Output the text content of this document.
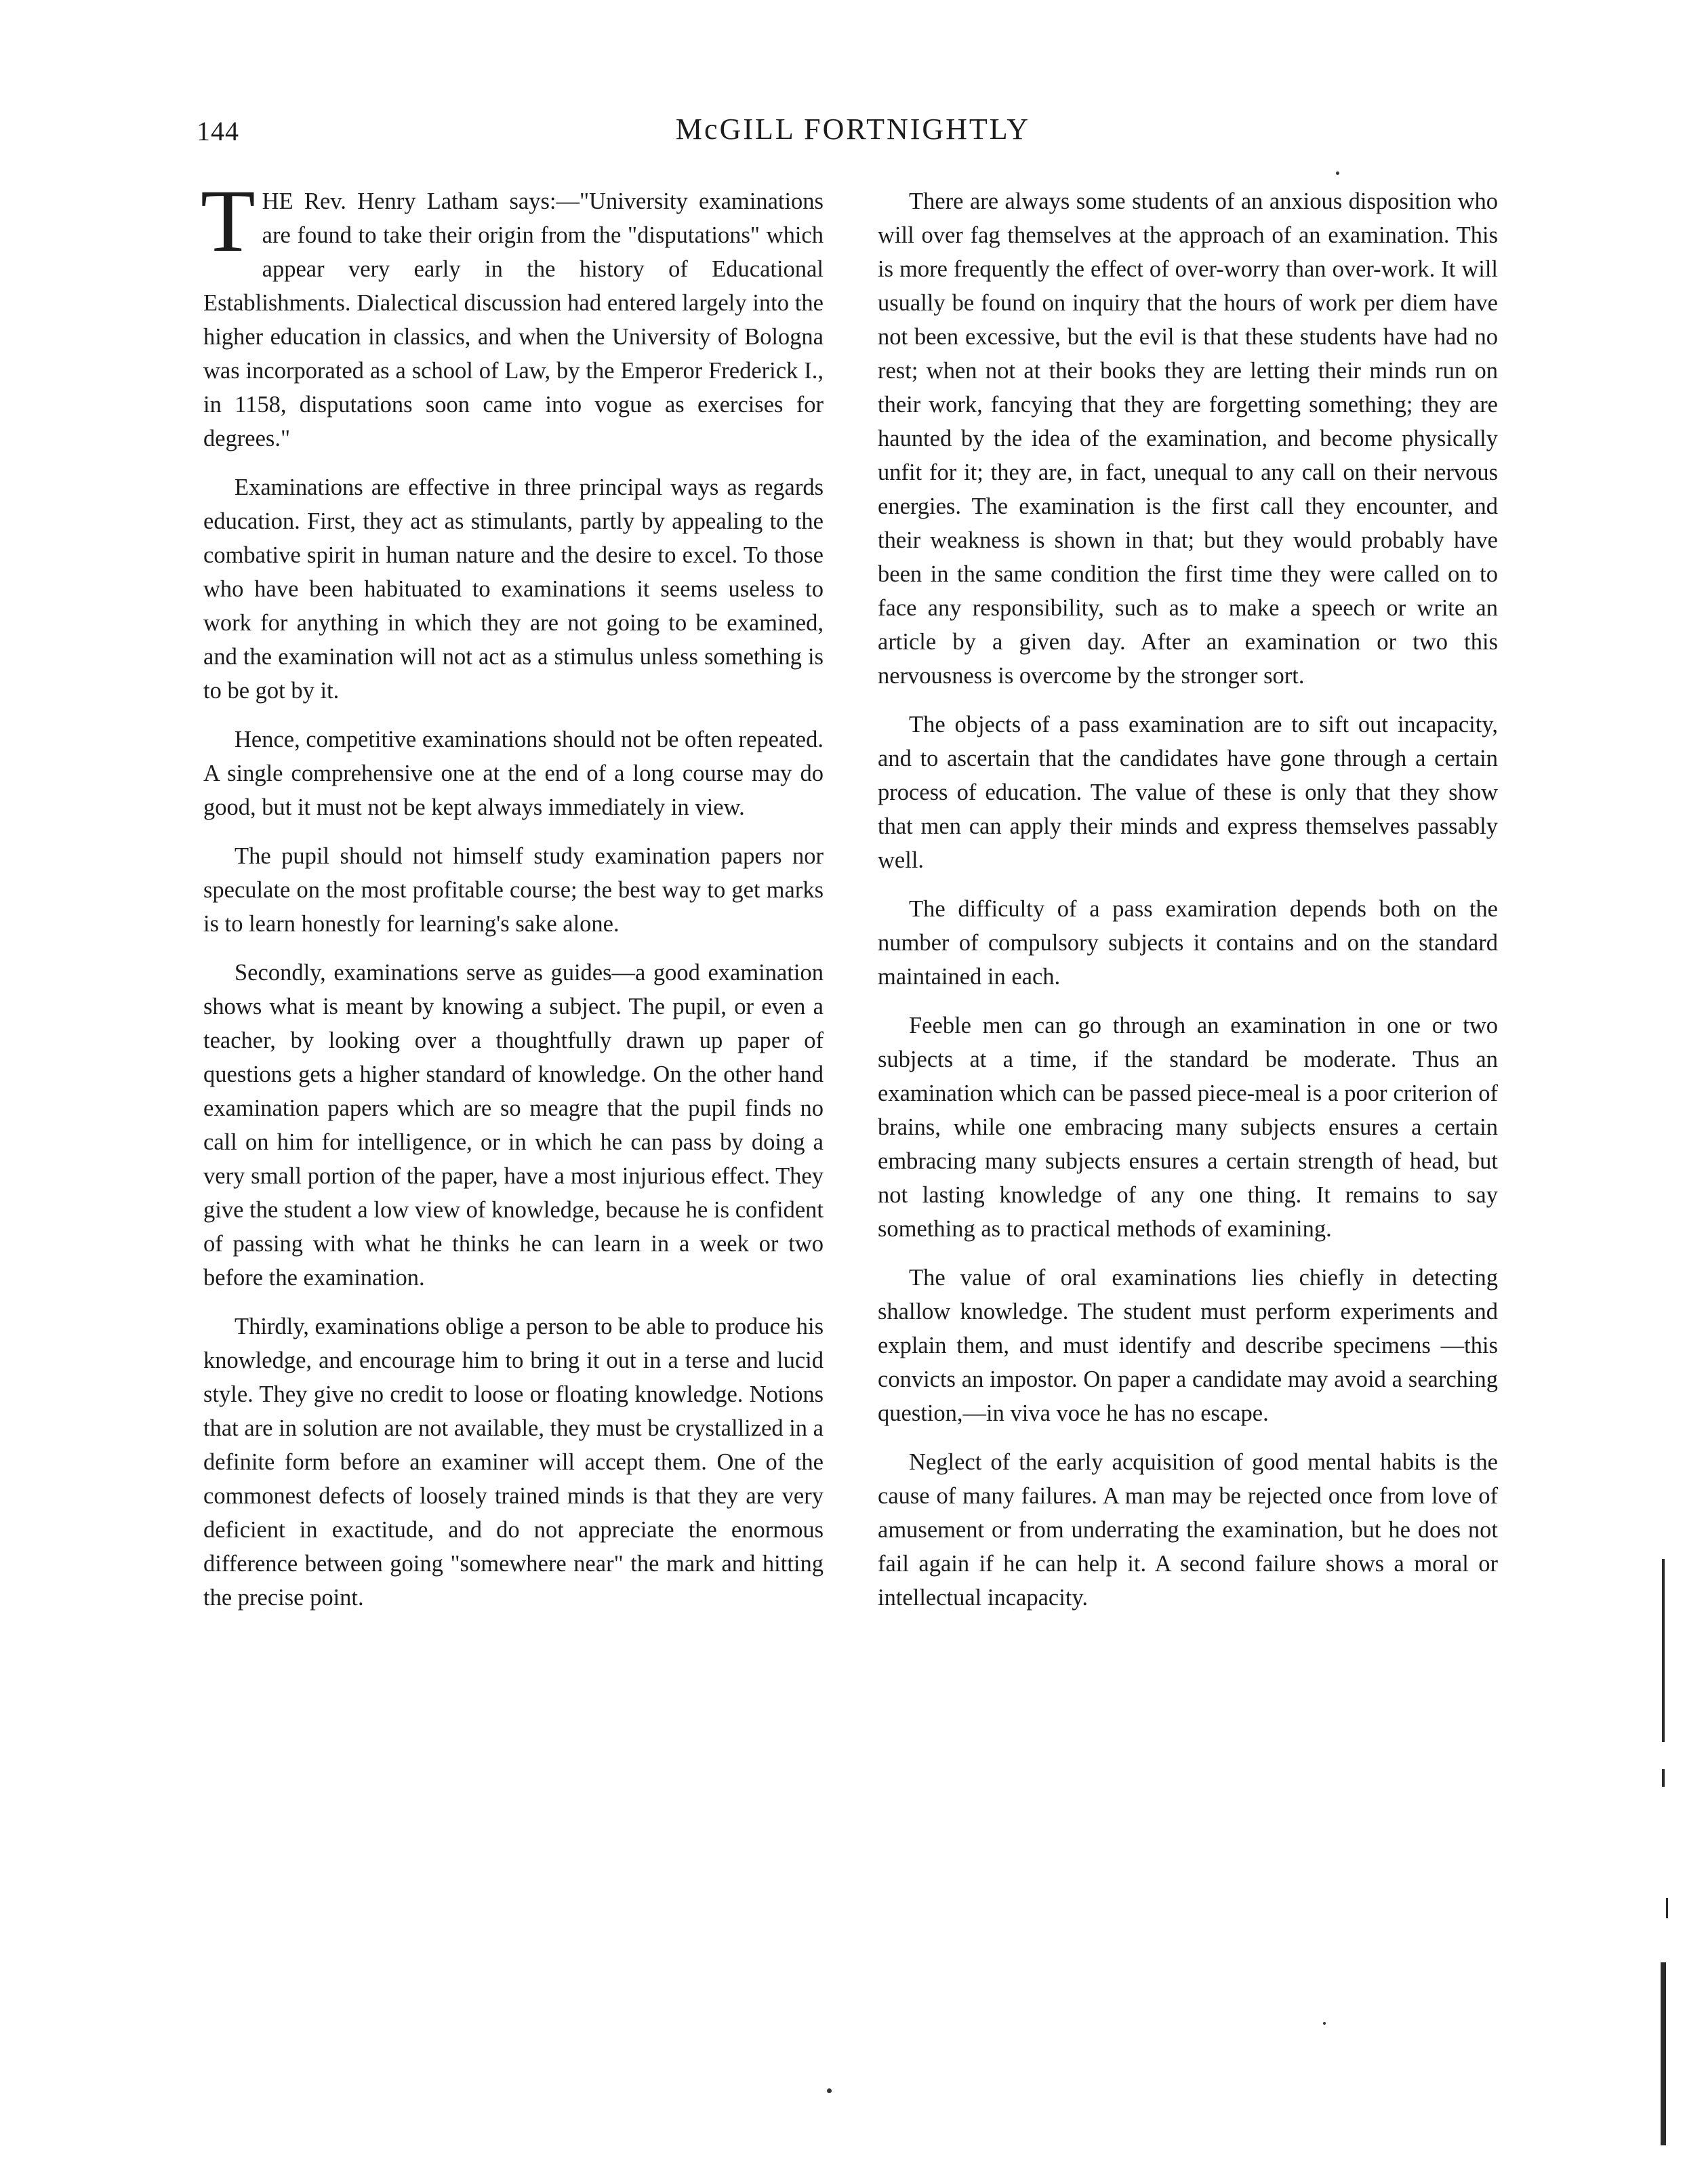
144	McGILL FORTNIGHTLY

THE Rev. Henry Latham says:—"University examinations are found to take their origin from the "disputations" which appear very early in the history of Educational Establishments. Dialectical discussion had entered largely into the higher education in classics, and when the University of Bologna was incorporated as a school of Law, by the Emperor Frederick I., in 1158, disputations soon came into vogue as exercises for degrees."

Examinations are effective in three principal ways as regards education. First, they act as stimulants, partly by appealing to the combative spirit in human nature and the desire to excel. To those who have been habituated to examinations it seems useless to work for anything in which they are not going to be examined, and the examination will not act as a stimulus unless something is to be got by it.

Hence, competitive examinations should not be often repeated. A single comprehensive one at the end of a long course may do good, but it must not be kept always immediately in view.

The pupil should not himself study examination papers nor speculate on the most profitable course; the best way to get marks is to learn honestly for learning's sake alone.

Secondly, examinations serve as guides—a good examination shows what is meant by knowing a subject. The pupil, or even a teacher, by looking over a thoughtfully drawn up paper of questions gets a higher standard of knowledge. On the other hand examination papers which are so meagre that the pupil finds no call on him for intelligence, or in which he can pass by doing a very small portion of the paper, have a most injurious effect. They give the student a low view of knowledge, because he is confident of passing with what he thinks he can learn in a week or two before the examination.

Thirdly, examinations oblige a person to be able to produce his knowledge, and encourage him to bring it out in a terse and lucid style. They give no credit to loose or floating knowledge. Notions that are in solution are not available, they must be crystallized in a definite form before an examiner will accept them. One of the commonest defects of loosely trained minds is that they are very deficient in exactitude, and do not appreciate the enormous difference between going "somewhere near" the mark and hitting the precise point.

There are always some students of an anxious disposition who will over fag themselves at the approach of an examination. This is more frequently the effect of over-worry than over-work. It will usually be found on inquiry that the hours of work per diem have not been excessive, but the evil is that these students have had no rest; when not at their books they are letting their minds run on their work, fancying that they are forgetting something; they are haunted by the idea of the examination, and become physically unfit for it; they are, in fact, unequal to any call on their nervous energies. The examination is the first call they encounter, and their weakness is shown in that; but they would probably have been in the same condition the first time they were called on to face any responsibility, such as to make a speech or write an article by a given day. After an examination or two this nervousness is overcome by the stronger sort.

The objects of a pass examination are to sift out incapacity, and to ascertain that the candidates have gone through a certain process of education. The value of these is only that they show that men can apply their minds and express themselves passably well.

The difficulty of a pass examiration depends both on the number of compulsory subjects it contains and on the standard maintained in each.

Feeble men can go through an examination in one or two subjects at a time, if the standard be moderate. Thus an examination which can be passed piece-meal is a poor criterion of brains, while one embracing many subjects ensures a certain embracing many subjects ensures a certain strength of head, but not lasting knowledge of any one thing. It remains to say something as to practical methods of examining.

The value of oral examinations lies chiefly in detecting shallow knowledge. The student must perform experiments and explain them, and must identify and describe specimens —this convicts an impostor. On paper a candidate may avoid a searching question,—in viva voce he has no escape.

Neglect of the early acquisition of good mental habits is the cause of many failures. A man may be rejected once from love of amusement or from underrating the examination, but he does not fail again if he can help it. A second failure shows a moral or intellectual incapacity.
